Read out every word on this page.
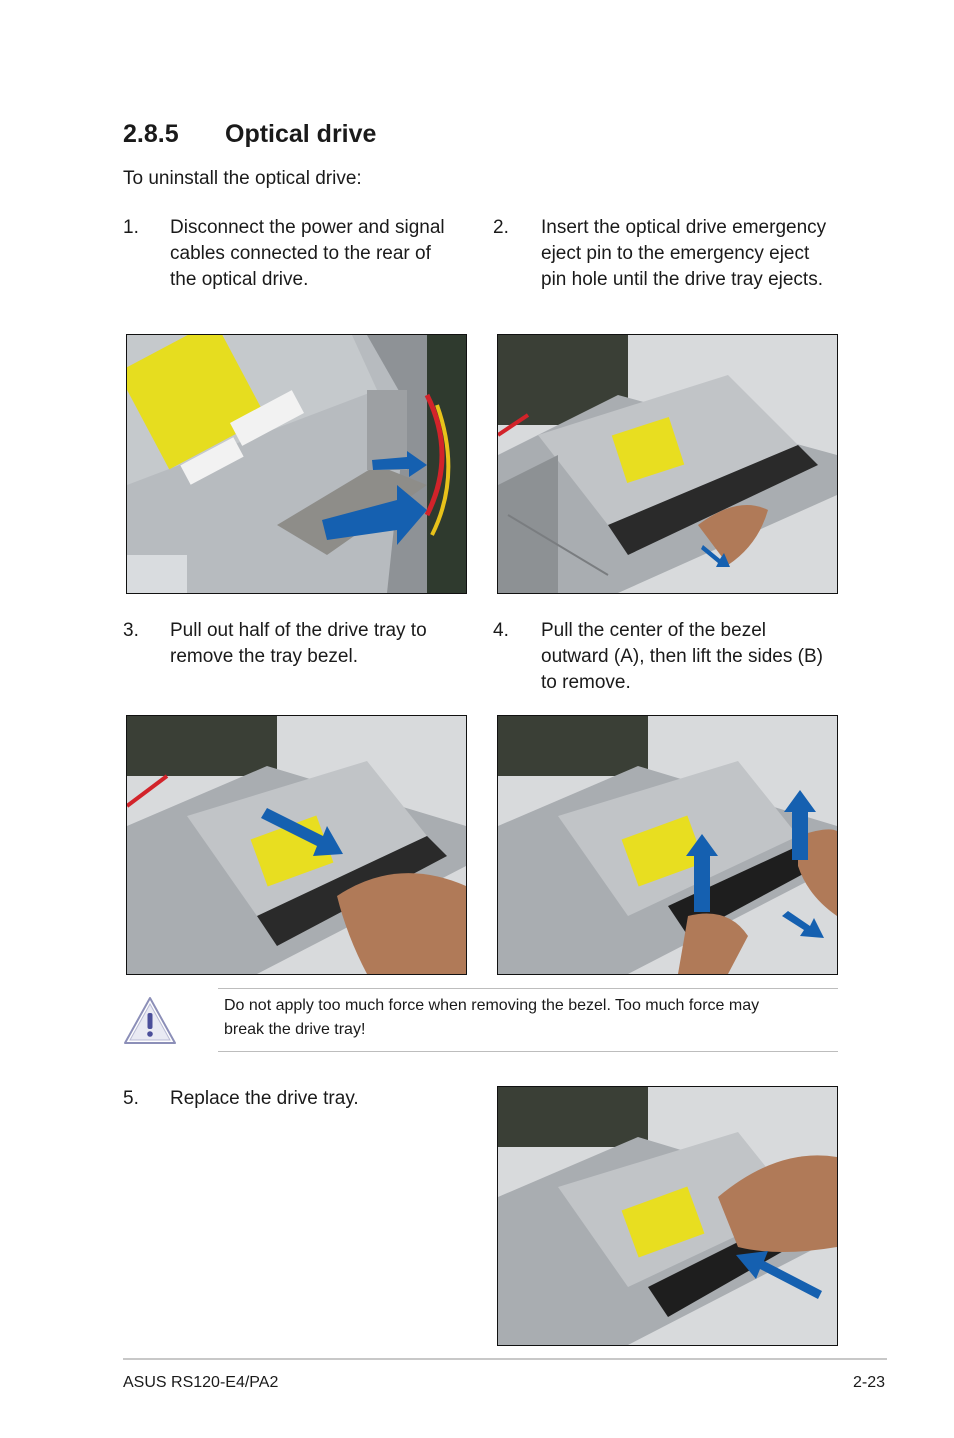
2.8.5 Optical drive
To uninstall the optical drive:
1. Disconnect the power and signal
cables connected to the rear of
the optical drive.
2. Insert the optical drive emergency
eject pin to the emergency eject
pin hole until the drive tray ejects.
3. Pull out half of the drive tray to
remove the tray bezel.
4. Pull the center of the bezel
outward (A), then lift the sides (B)
to remove.
Do not apply too much force when removing the bezel. Too much force may
break the drive tray!
5. Replace the drive tray.
ASUS RS120-E4/PA2	2-23
